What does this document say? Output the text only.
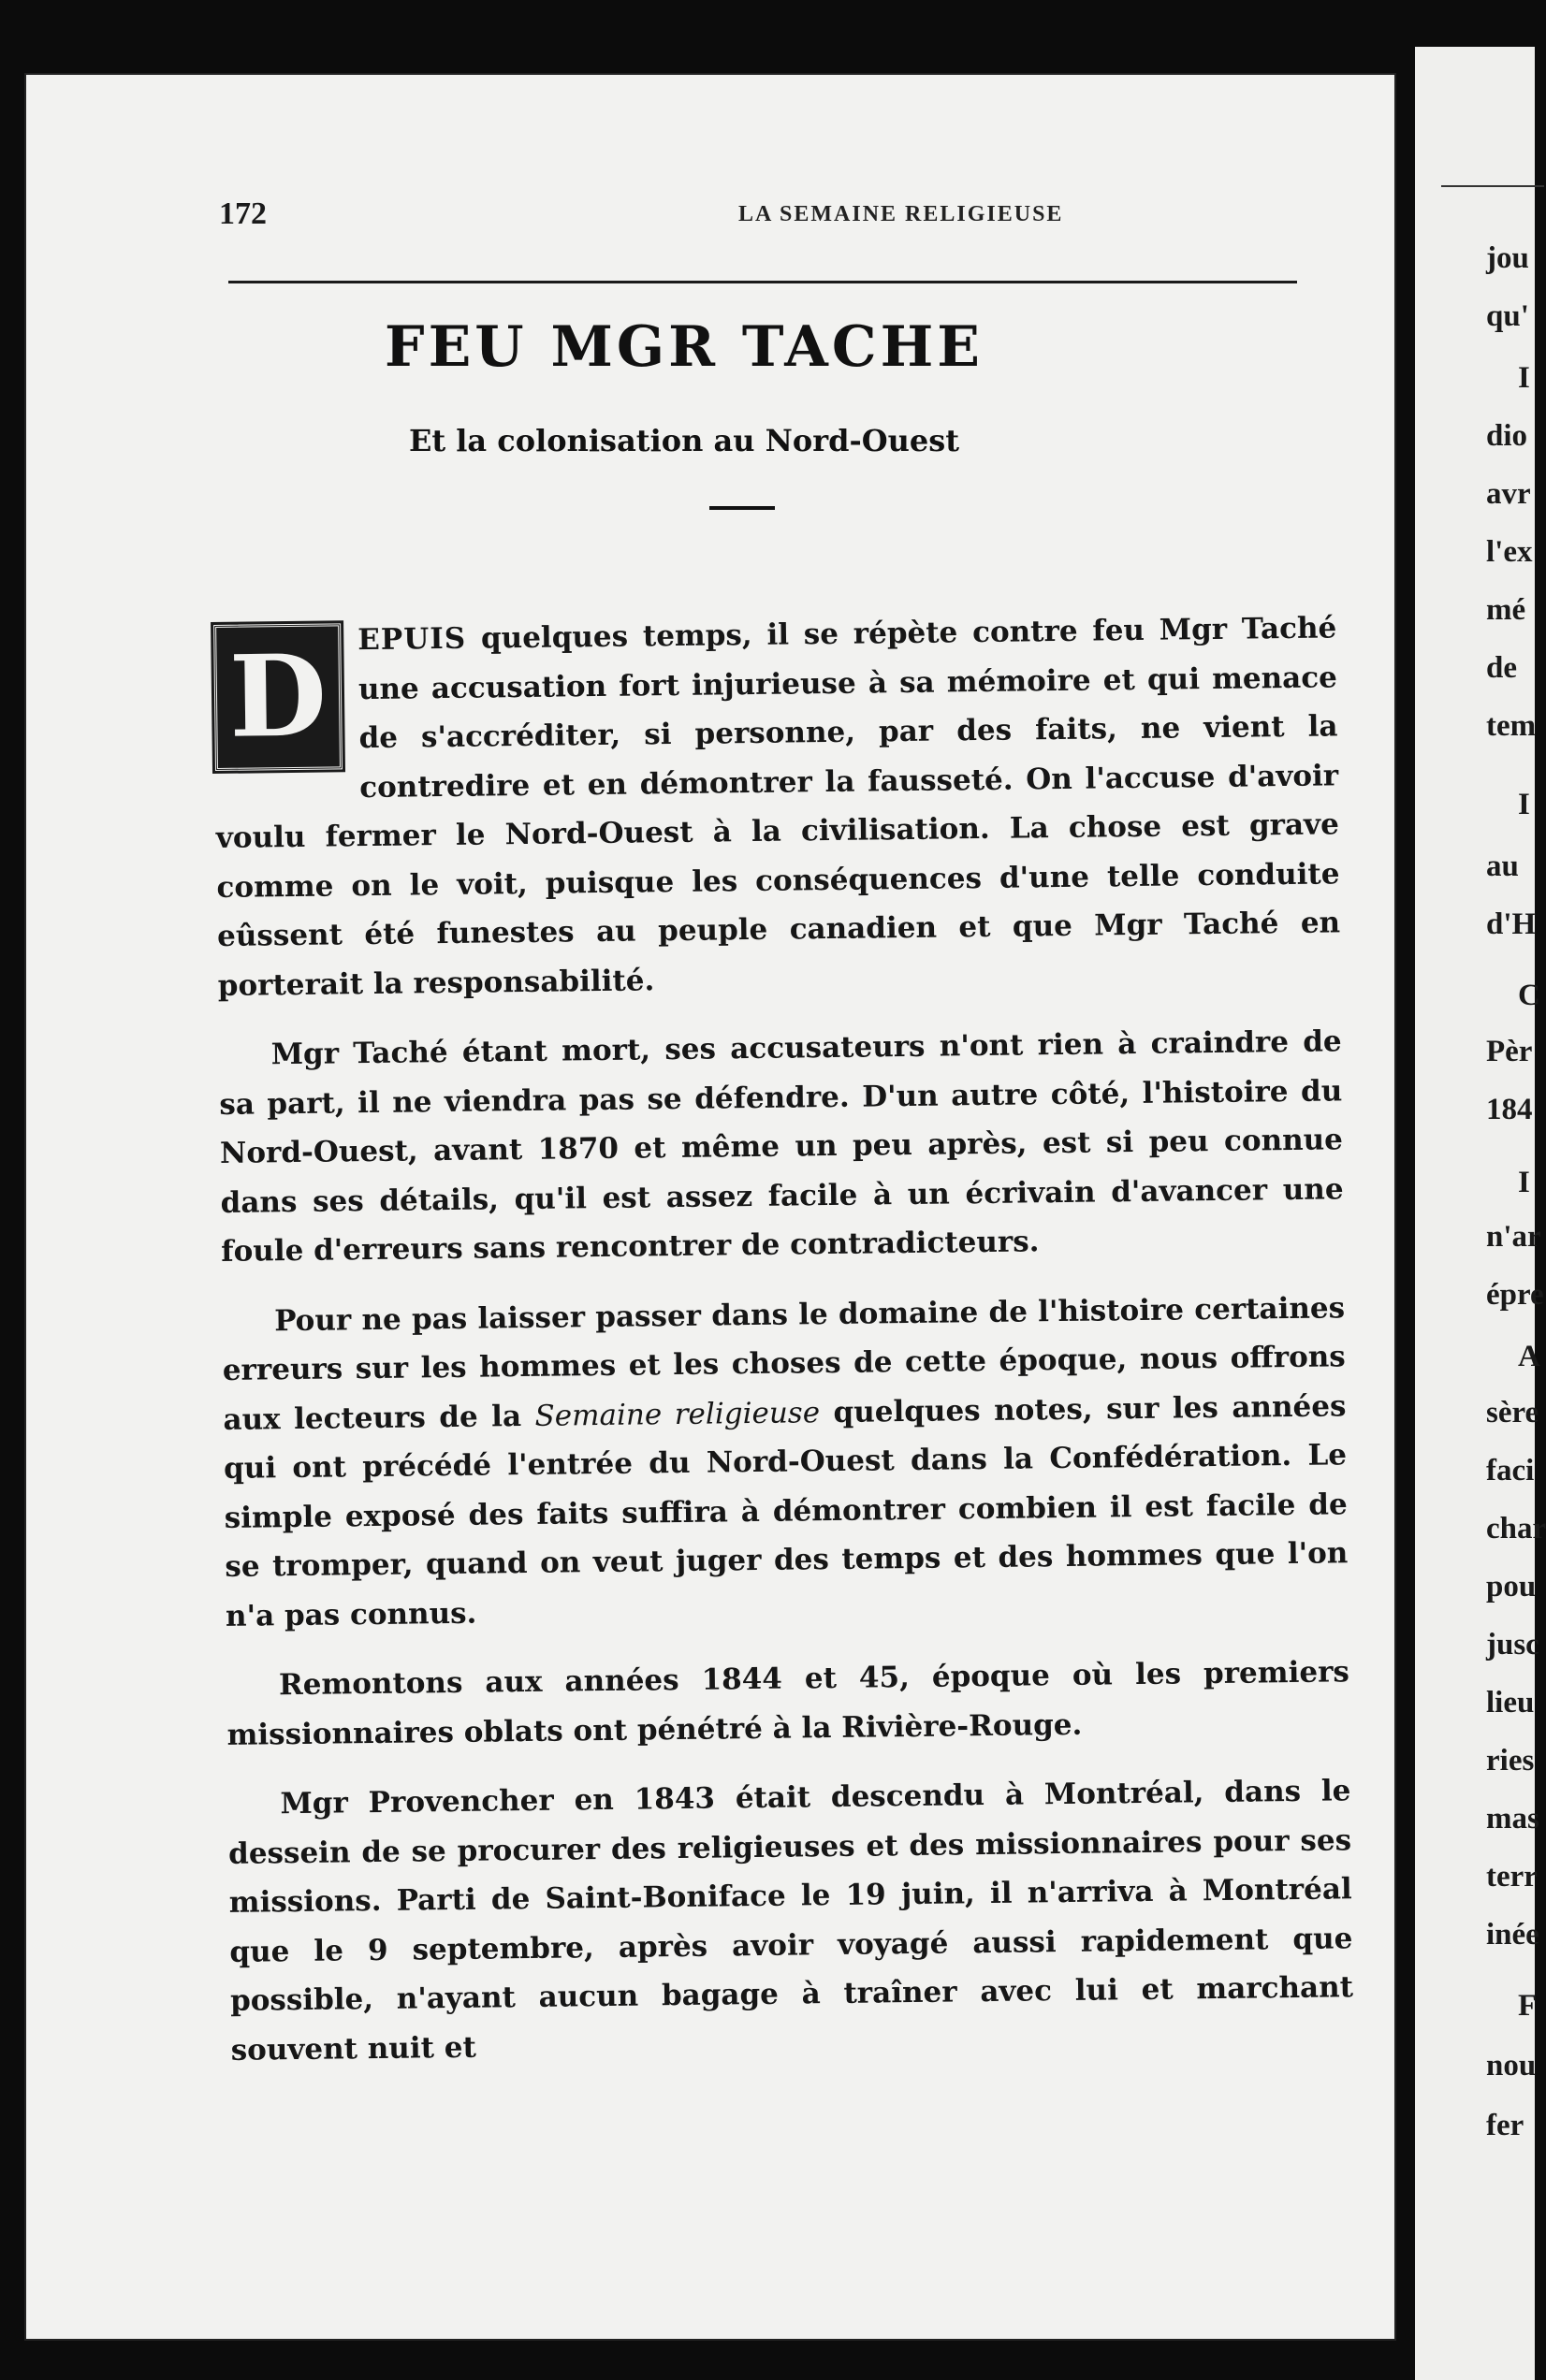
jou
qu'
I
dio
avr
l'ex
mé
de
tem
I
au
d'H
C
Pèr
184
I
n'ar
épre
A
sère
faci
char
pou
jusc
lieu
ries
mas
terr
inée
F
nou
fer
172	LA SEMAINE RELIGIEUSE
FEU MGR TACHE
Et la colonisation au Nord-Ouest

D	EPUIS quelques temps, il se répète contre feu Mgr Taché une accusation fort injurieuse à sa mémoire et qui menace de s'accréditer, si personne, par des faits, ne vient la contredire et en démontrer la fausseté. On l'accuse d'avoir voulu fermer le Nord-Ouest à la civilisation. La chose est grave comme on le voit, puisque les conséquences d'une telle conduite eûssent été funestes au peuple canadien et que Mgr Taché en porterait la responsabilité.

Mgr Taché étant mort, ses accusateurs n'ont rien à craindre de sa part, il ne viendra pas se défendre. D'un autre côté, l'histoire du Nord-Ouest, avant 1870 et même un peu après, est si peu connue dans ses détails, qu'il est assez facile à un écrivain d'avancer une foule d'erreurs sans rencontrer de contradicteurs.

Pour ne pas laisser passer dans le domaine de l'histoire certaines erreurs sur les hommes et les choses de cette époque, nous offrons aux lecteurs de la Semaine religieuse quelques notes, sur les années qui ont précédé l'entrée du Nord-Ouest dans la Confédération. Le simple exposé des faits suffira à démontrer combien il est facile de se tromper, quand on veut juger des temps et des hommes que l'on n'a pas connus.

Remontons aux années 1844 et 45, époque où les premiers missionnaires oblats ont pénétré à la Rivière-Rouge.

Mgr Provencher en 1843 était descendu à Montréal, dans le dessein de se procurer des religieuses et des missionnaires pour ses missions. Parti de Saint-Boniface le 19 juin, il n'arriva à Montréal que le 9 septembre, après avoir voyagé aussi rapidement que possible, n'ayant aucun bagage à traîner avec lui et marchant souvent nuit et
